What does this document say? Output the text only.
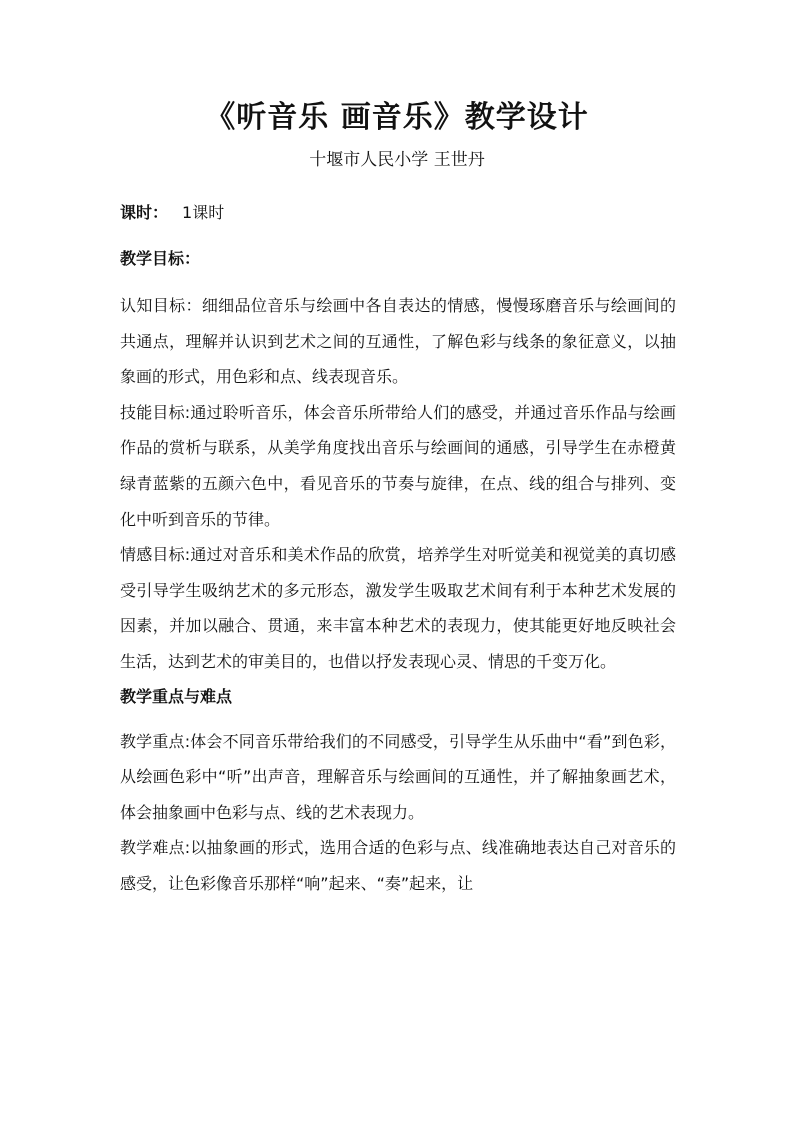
《听音乐 画音乐》教学设计
十堰市人民小学 王世丹
课时： 1课时
教学目标：

认知目标：细细品位音乐与绘画中各自表达的情感，慢慢琢磨音乐与绘画间的共通点，理解并认识到艺术之间的互通性，了解色彩与线条的象征意义，以抽象画的形式，用色彩和点、线表现音乐。

技能目标:通过聆听音乐，体会音乐所带给人们的感受，并通过音乐作品与绘画作品的赏析与联系，从美学角度找出音乐与绘画间的通感，引导学生在赤橙黄绿青蓝紫的五颜六色中，看见音乐的节奏与旋律，在点、线的组合与排列、变化中听到音乐的节律。

情感目标:通过对音乐和美术作品的欣赏，培养学生对听觉美和视觉美的真切感受引导学生吸纳艺术的多元形态，激发学生吸取艺术间有利于本种艺术发展的因素，并加以融合、贯通，来丰富本种艺术的表现力，使其能更好地反映社会生活，达到艺术的审美目的，也借以抒发表现心灵、情思的千变万化。

教学重点与难点

教学重点:体会不同音乐带给我们的不同感受，引导学生从乐曲中“看”到色彩，从绘画色彩中“听”出声音，理解音乐与绘画间的互通性，并了解抽象画艺术，体会抽象画中色彩与点、线的艺术表现力。

教学难点:以抽象画的形式，选用合适的色彩与点、线准确地表达自己对音乐的感受，让色彩像音乐那样“响”起来、“奏”起来，让
